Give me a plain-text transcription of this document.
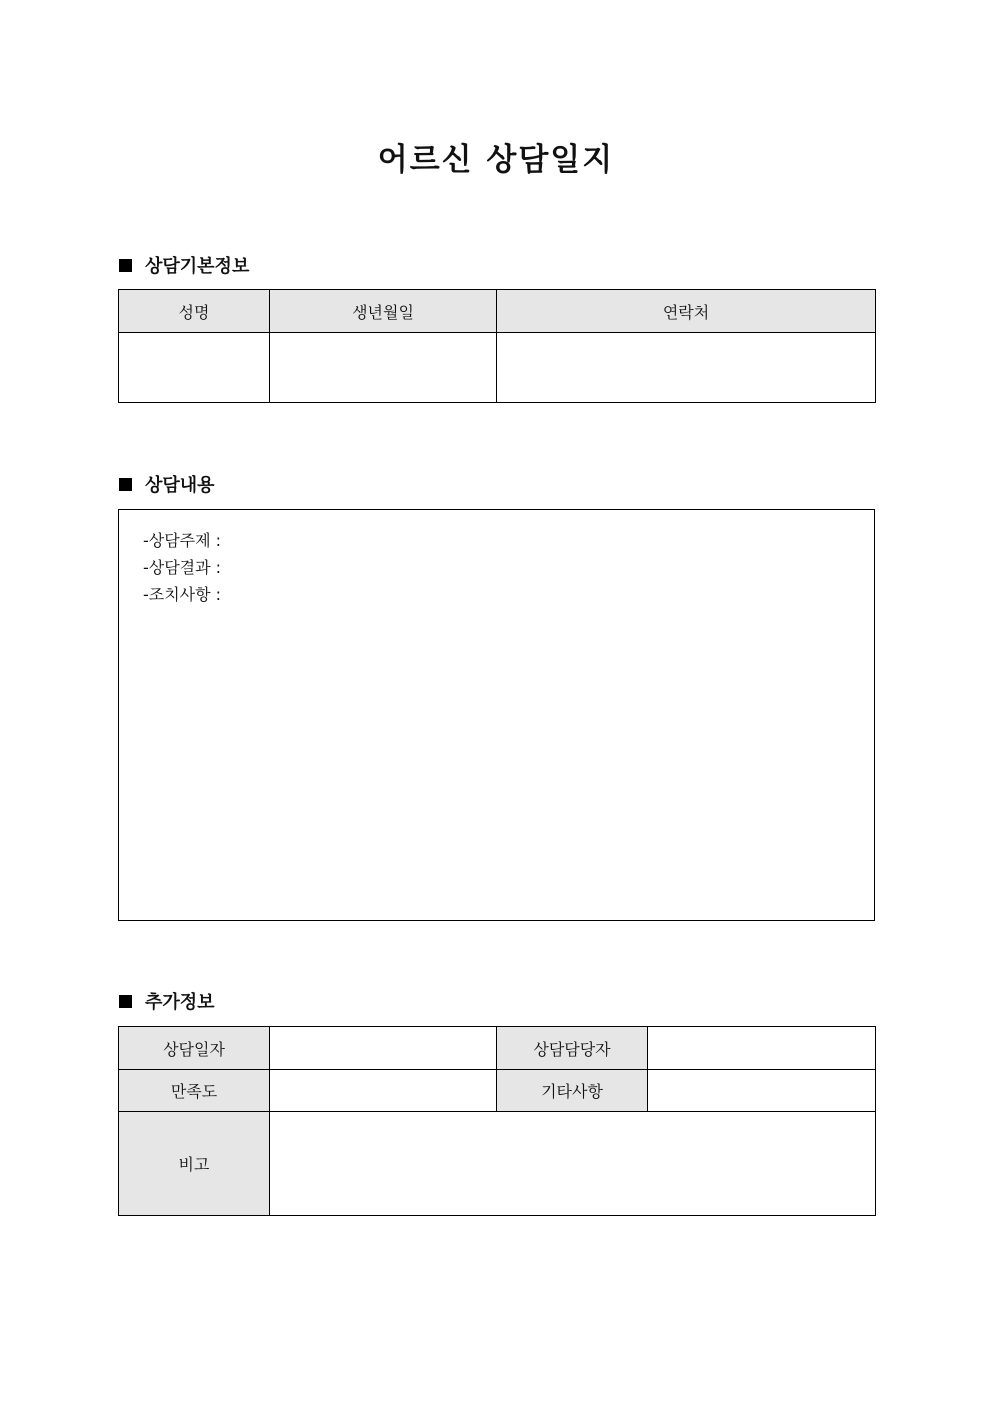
어르신 상담일지
상담기본정보
성명	생년월일	연락처

상담내용
-상담주제 :
-상담결과 :
-조치사항 :
추가정보
상담일자		상담담당자	
만족도		기타사항	
비고			
